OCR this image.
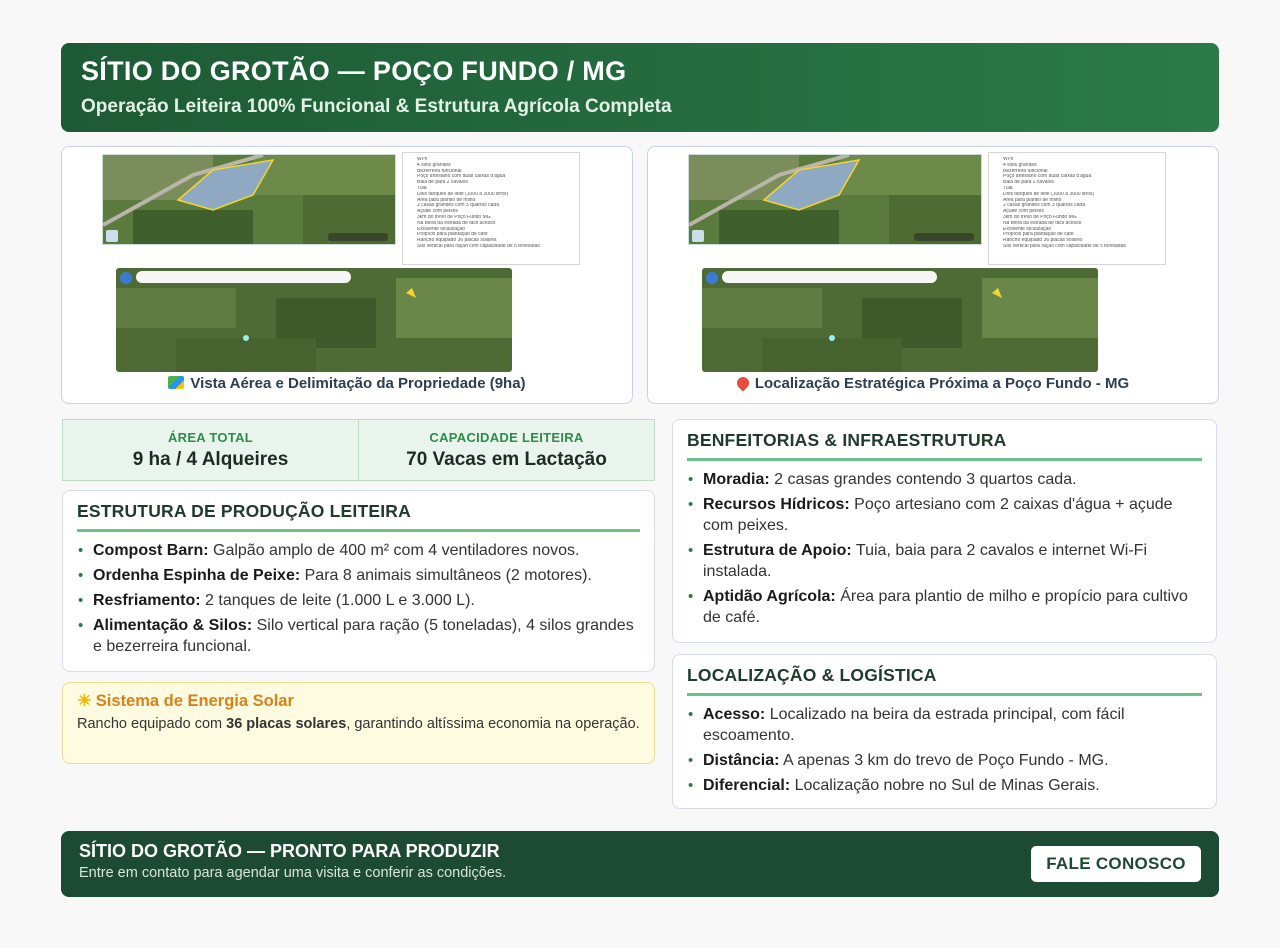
SÍTIO DO GROTÃO — POÇO FUNDO / MG
Operação Leiteira 100% Funcional & Estrutura Agrícola Completa
Wi-fi
4 silos grandes
Bezerreira funcional
Poço artesiano com duas caixas d'água
Baia de para 2 cavalos
Tuia
Dois tanques de leite (1000 a 3000 litros)
Área para plantio de milho
2 casas grandes com 3 quartos cada
Açude com peixes
3km do trevo de Poço Fundo MG
Na beira da estrada de fácil acesso
Excelente localização
Propício para plantação de café
Rancho equipado 36 placas solares
Silo vertical para ração com capacidade de 5 toneladas
Vista Aérea e Delimitação da Propriedade (9ha)
Wi-fi
4 silos grandes
Bezerreira funcional
Poço artesiano com duas caixas d'água
Baia de para 2 cavalos
Tuia
Dois tanques de leite (1000 a 3000 litros)
Área para plantio de milho
2 casas grandes com 3 quartos cada
Açude com peixes
3km do trevo de Poço Fundo MG
Na beira da estrada de fácil acesso
Excelente localização
Propício para plantação de café
Rancho equipado 36 placas solares
Silo vertical para ração com capacidade de 5 toneladas
Localização Estratégica Próxima a Poço Fundo - MG
ÁREA TOTAL
9 ha / 4 Alqueires
CAPACIDADE LEITEIRA
70 Vacas em Lactação
ESTRUTURA DE PRODUÇÃO LEITEIRA
• Compost Barn: Galpão amplo de 400 m² com 4 ventiladores novos.
• Ordenha Espinha de Peixe: Para 8 animais simultâneos (2 motores).
• Resfriamento: 2 tanques de leite (1.000 L e 3.000 L).
• Alimentação & Silos: Silo vertical para ração (5 toneladas), 4 silos grandes e bezerreira funcional.
☀ Sistema de Energia Solar

Rancho equipado com 36 placas solares, garantindo altíssima economia na operação.

BENFEITORIAS & INFRAESTRUTURA
• Moradia: 2 casas grandes contendo 3 quartos cada.
• Recursos Hídricos: Poço artesiano com 2 caixas d'água + açude com peixes.
• Estrutura de Apoio: Tuia, baia para 2 cavalos e internet Wi-Fi instalada.
• Aptidão Agrícola: Área para plantio de milho e propício para cultivo de café.
LOCALIZAÇÃO & LOGÍSTICA
• Acesso: Localizado na beira da estrada principal, com fácil escoamento.
• Distância: A apenas 3 km do trevo de Poço Fundo - MG.
• Diferencial: Localização nobre no Sul de Minas Gerais.
SÍTIO DO GROTÃO — PRONTO PARA PRODUZIR
Entre em contato para agendar uma visita e conferir as condições.	FALE CONOSCO
